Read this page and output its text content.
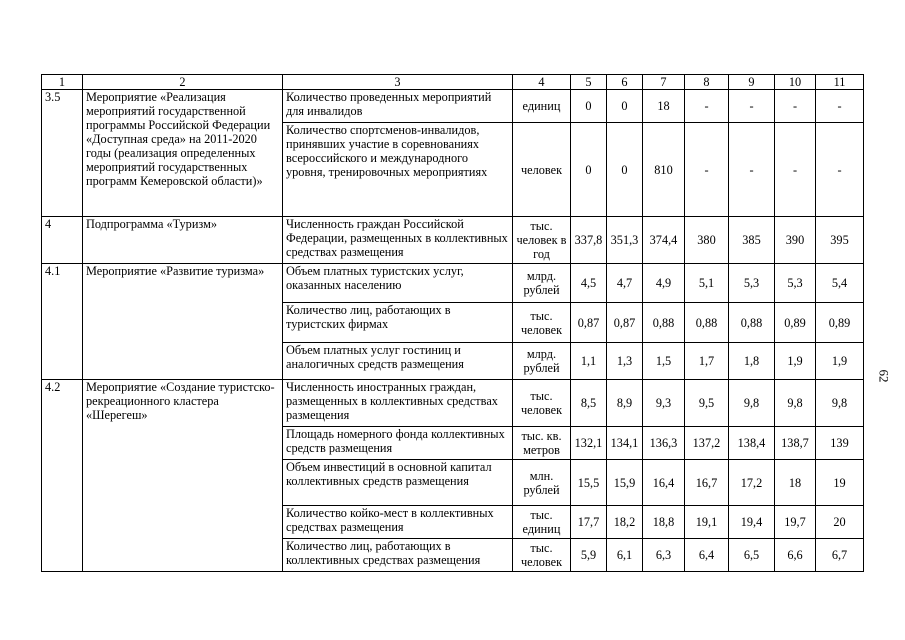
1	2	3	4	5	6	7	8	9	10	11
3.5	Мероприятие «Реализация мероприятий государственной программы Российской Федерации «Доступная среда» на 2011-2020 годы (реализация определенных мероприятий государственных программ Кемеровской области)»	Количество проведенных мероприятий для инвалидов	единиц	0	0	18	-	-	-	-
		Количество спортсменов-инвалидов, принявших участие в соревнованиях всероссийского и международного уровня, тренировочных мероприятиях	человек	0	0	810	-	-	-	-
4	Подпрограмма «Туризм»	Численность граждан Российской Федерации, размещенных в коллективных средствах размещения	тыс. человек в год	337,8	351,3	374,4	380	385	390	395
4.1	Мероприятие «Развитие туризма»	Объем платных туристских услуг, оказанных населению	млрд. рублей	4,5	4,7	4,9	5,1	5,3	5,3	5,4
		Количество лиц, работающих в туристских фирмах	тыс. человек	0,87	0,87	0,88	0,88	0,88	0,89	0,89
		Объем платных услуг гостиниц и аналогичных средств размещения	млрд. рублей	1,1	1,3	1,5	1,7	1,8	1,9	1,9
4.2	Мероприятие «Создание туристско-рекреационного кластера «Шерегеш»	Численность иностранных граждан, размещенных в коллективных средствах размещения	тыс. человек	8,5	8,9	9,3	9,5	9,8	9,8	9,8
		Площадь номерного фонда коллективных средств размещения	тыс. кв. метров	132,1	134,1	136,3	137,2	138,4	138,7	139
		Объем инвестиций в основной капитал коллективных средств размещения	млн. рублей	15,5	15,9	16,4	16,7	17,2	18	19
		Количество койко-мест в коллективных средствах размещения	тыс. единиц	17,7	18,2	18,8	19,1	19,4	19,7	20
		Количество лиц, работающих в коллективных средствах размещения	тыс. человек	5,9	6,1	6,3	6,4	6,5	6,6	6,7
62
